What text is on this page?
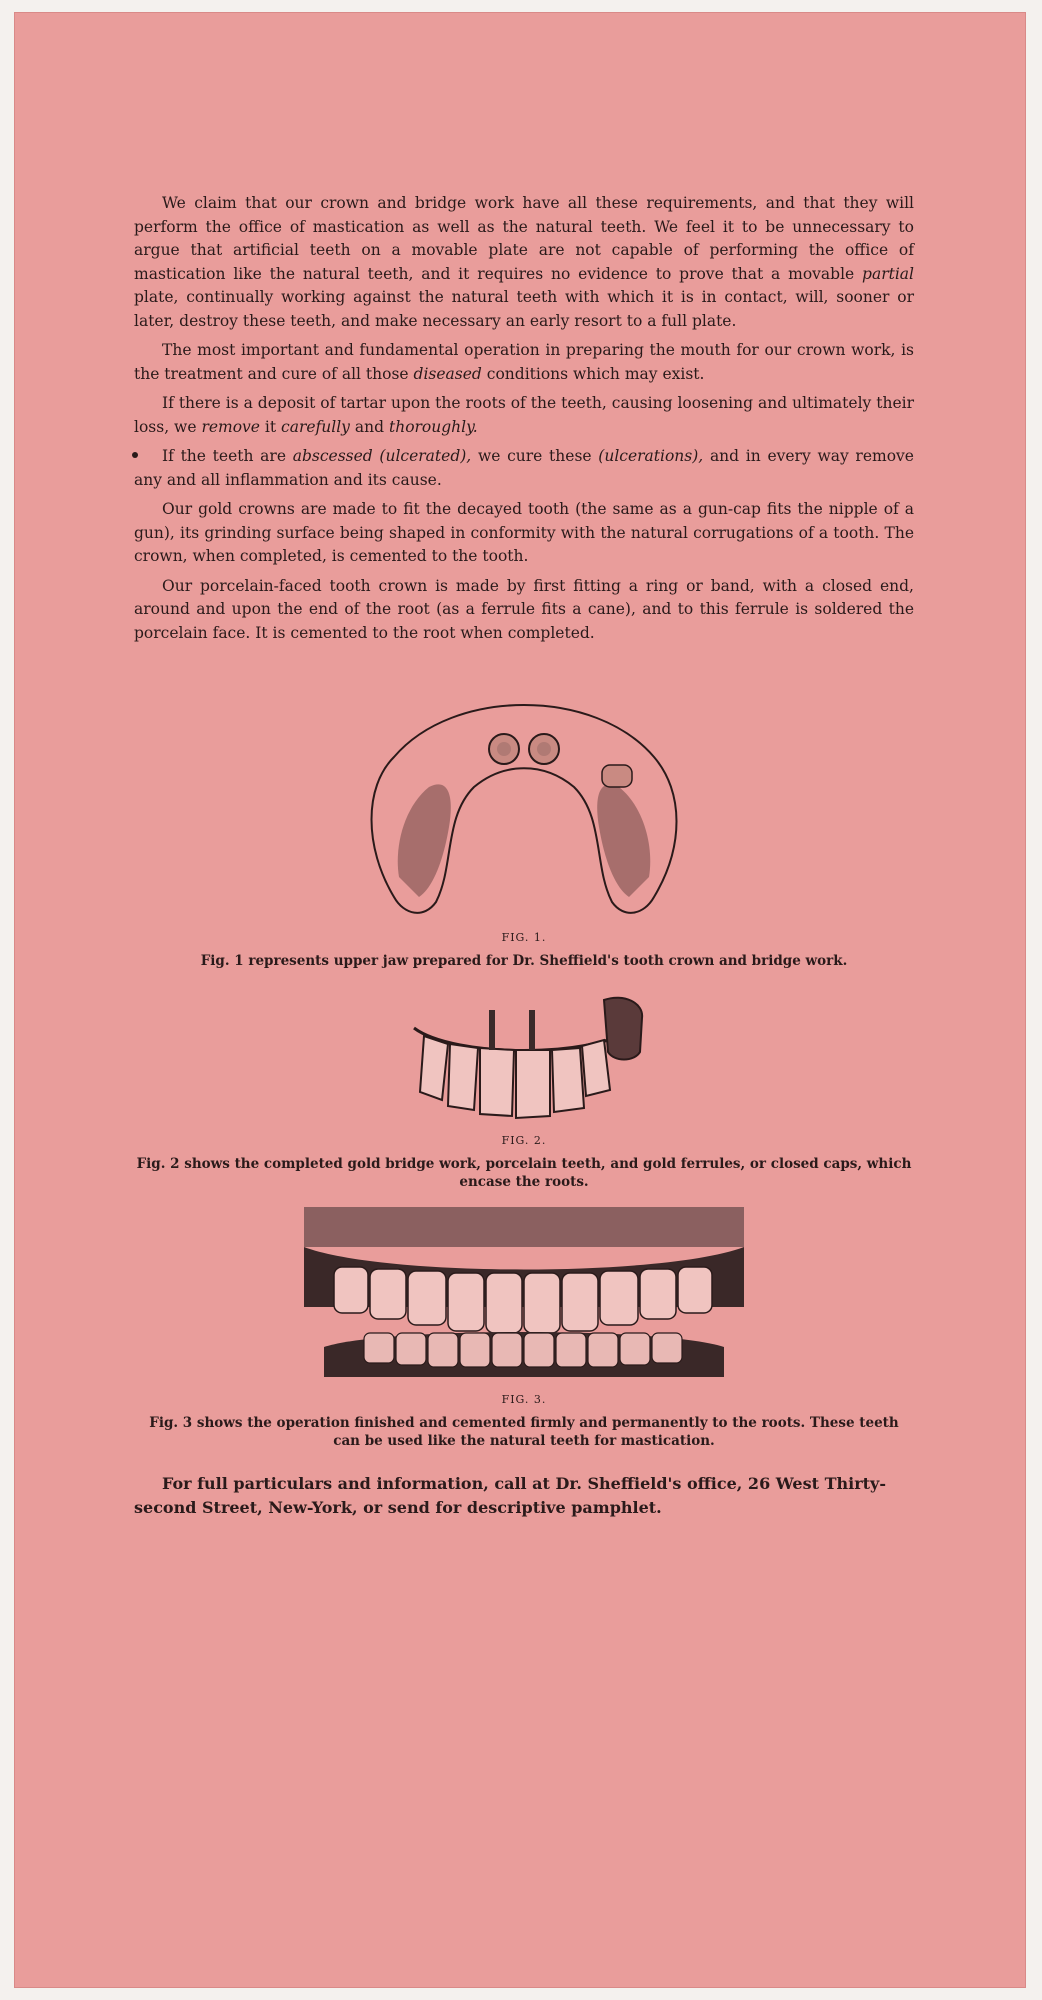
We claim that our crown and bridge work have all these requirements, and that they will perform the office of mastication as well as the natural teeth. We feel it to be unnecessary to argue that artificial teeth on a movable plate are not capable of performing the office of mastication like the natural teeth, and it requires no evidence to prove that a movable partial plate, continually working against the natural teeth with which it is in contact, will, sooner or later, destroy these teeth, and make necessary an early resort to a full plate.

The most important and fundamental operation in preparing the mouth for our crown work, is the treatment and cure of all those diseased conditions which may exist.

If there is a deposit of tartar upon the roots of the teeth, causing loosening and ultimately their loss, we remove it carefully and thoroughly.

If the teeth are abscessed (ulcerated), we cure these (ulcerations), and in every way remove any and all inflammation and its cause.

Our gold crowns are made to fit the decayed tooth (the same as a gun-cap fits the nipple of a gun), its grinding surface being shaped in conformity with the natural corrugations of a tooth. The crown, when completed, is cemented to the tooth.

Our porcelain-faced tooth crown is made by first fitting a ring or band, with a closed end, around and upon the end of the root (as a ferrule fits a cane), and to this ferrule is soldered the porcelain face. It is cemented to the root when completed.

FIG. 1.
Fig. 1 represents upper jaw prepared for Dr. Sheffield's tooth crown and bridge work.
FIG. 2.
Fig. 2 shows the completed gold bridge work, porcelain teeth, and gold ferrules, or closed caps, which encase the roots.
FIG. 3.
Fig. 3 shows the operation finished and cemented firmly and permanently to the roots. These teeth can be used like the natural teeth for mastication.

For full particulars and information, call at Dr. Sheffield's office, 26 West Thirty-second Street, New-York, or send for descriptive pamphlet.
